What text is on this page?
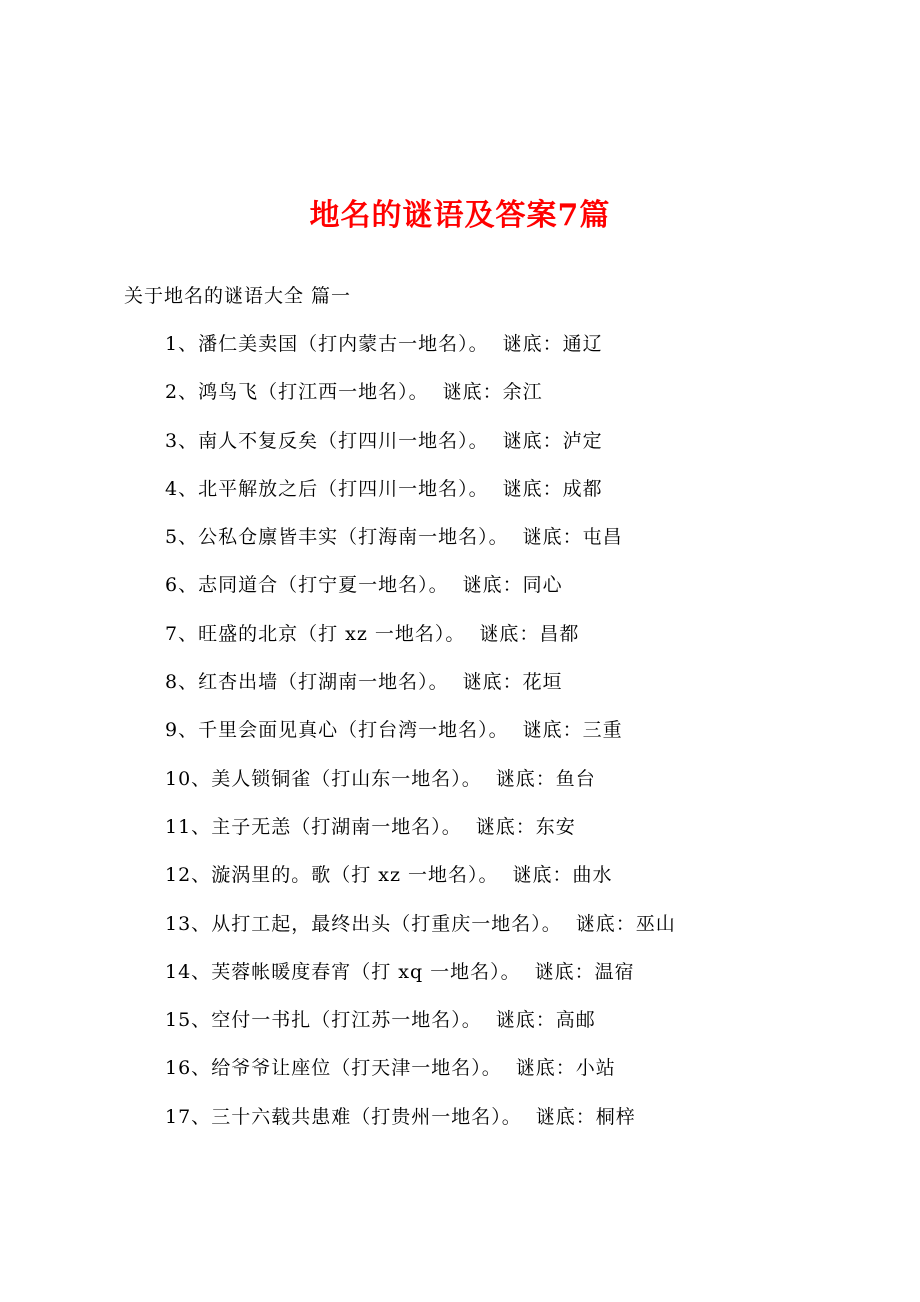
地名的谜语及答案7篇

关于地名的谜语大全 篇一

1、潘仁美卖国（打内蒙古一地名）。 谜底：通辽
2、鸿鸟飞（打江西一地名）。 谜底：余江
3、南人不复反矣（打四川一地名）。 谜底：泸定
4、北平解放之后（打四川一地名）。 谜底：成都
5、公私仓廪皆丰实（打海南一地名）。 谜底：屯昌
6、志同道合（打宁夏一地名）。 谜底：同心
7、旺盛的北京（打 xz 一地名）。 谜底：昌都
8、红杏出墙（打湖南一地名）。 谜底：花垣
9、千里会面见真心（打台湾一地名）。 谜底：三重
10、美人锁铜雀（打山东一地名）。 谜底：鱼台
11、主子无恙（打湖南一地名）。 谜底：东安
12、漩涡里的。歌（打 xz 一地名）。 谜底：曲水
13、从打工起，最终出头（打重庆一地名）。 谜底：巫山
14、芙蓉帐暖度春宵（打 xq 一地名）。 谜底：温宿
15、空付一书扎（打江苏一地名）。 谜底：高邮
16、给爷爷让座位（打天津一地名）。 谜底：小站
17、三十六载共患难（打贵州一地名）。 谜底：桐梓
